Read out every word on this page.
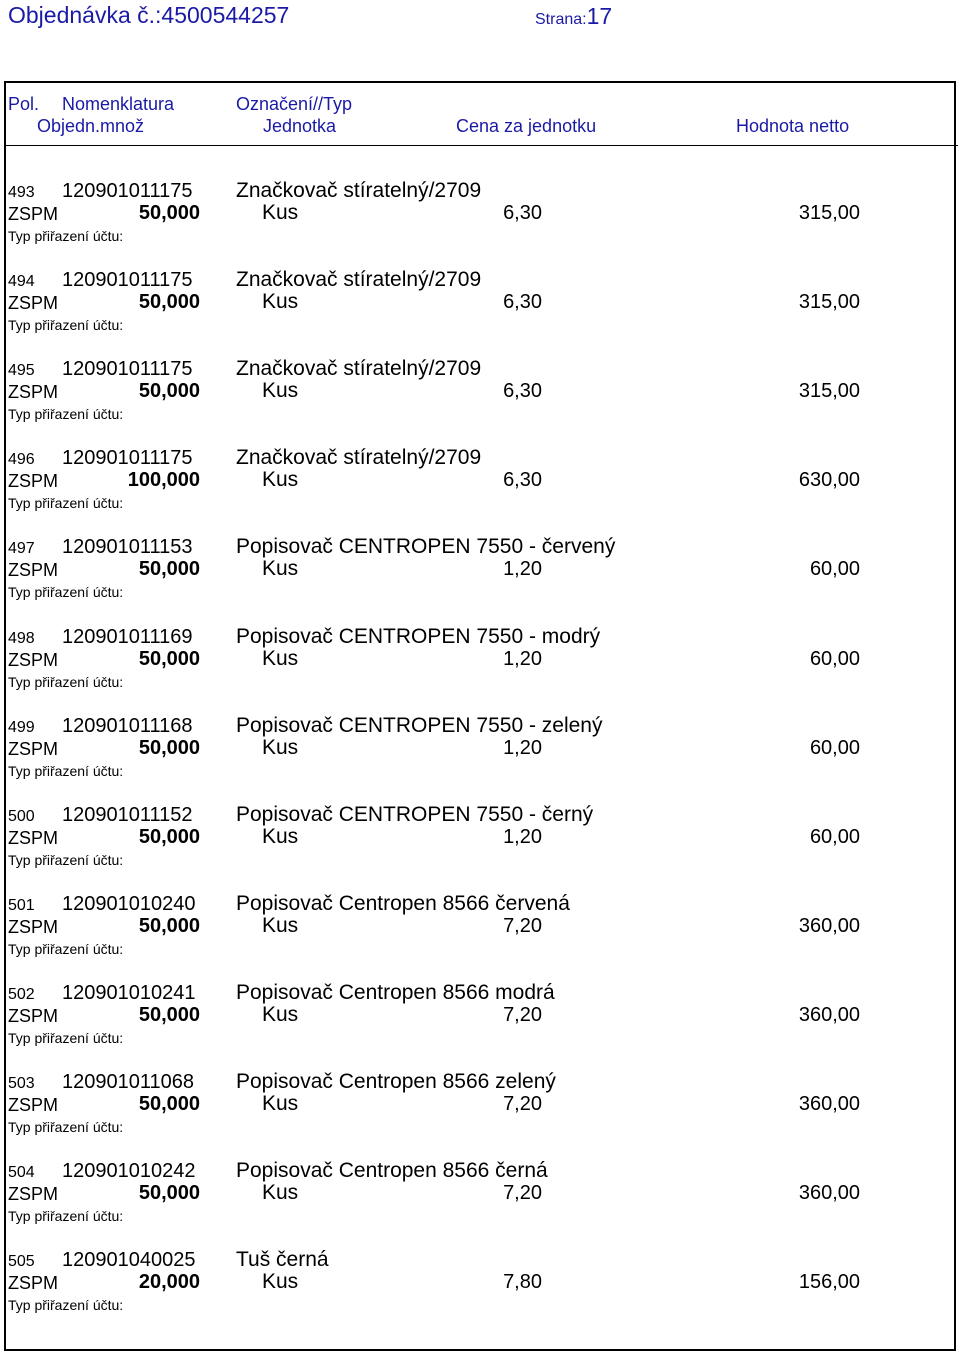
Objednávka č.:4500544257	Strana:17
Pol. Nomenklatura	Označení//Typ
Objedn.množ	Jednotka	Cena za jednotku	Hodnota netto
493 120901011175 Značkovač stíratelný/2709
ZSPM	50,000	Kus	6,30	315,00
Typ přiřazení účtu:
494 120901011175 Značkovač stíratelný/2709
ZSPM	50,000	Kus	6,30	315,00
Typ přiřazení účtu:
495 120901011175 Značkovač stíratelný/2709
ZSPM	50,000	Kus	6,30	315,00
Typ přiřazení účtu:
496 120901011175 Značkovač stíratelný/2709
ZSPM	100,000	Kus	6,30	630,00
Typ přiřazení účtu:
497 120901011153 Popisovač CENTROPEN 7550 - červený
ZSPM	50,000	Kus	1,20	60,00
Typ přiřazení účtu:
498 120901011169 Popisovač CENTROPEN 7550 - modrý
ZSPM	50,000	Kus	1,20	60,00
Typ přiřazení účtu:
499 120901011168 Popisovač CENTROPEN 7550 - zelený
ZSPM	50,000	Kus	1,20	60,00
Typ přiřazení účtu:
500 120901011152 Popisovač CENTROPEN 7550 - černý
ZSPM	50,000	Kus	1,20	60,00
Typ přiřazení účtu:
501 120901010240 Popisovač Centropen 8566 červená
ZSPM	50,000	Kus	7,20	360,00
Typ přiřazení účtu:
502 120901010241 Popisovač Centropen 8566 modrá
ZSPM	50,000	Kus	7,20	360,00
Typ přiřazení účtu:
503 120901011068 Popisovač Centropen 8566 zelený
ZSPM	50,000	Kus	7,20	360,00
Typ přiřazení účtu:
504 120901010242 Popisovač Centropen 8566 černá
ZSPM	50,000	Kus	7,20	360,00
Typ přiřazení účtu:
505 120901040025 Tuš černá
ZSPM	20,000	Kus	7,80	156,00
Typ přiřazení účtu:
